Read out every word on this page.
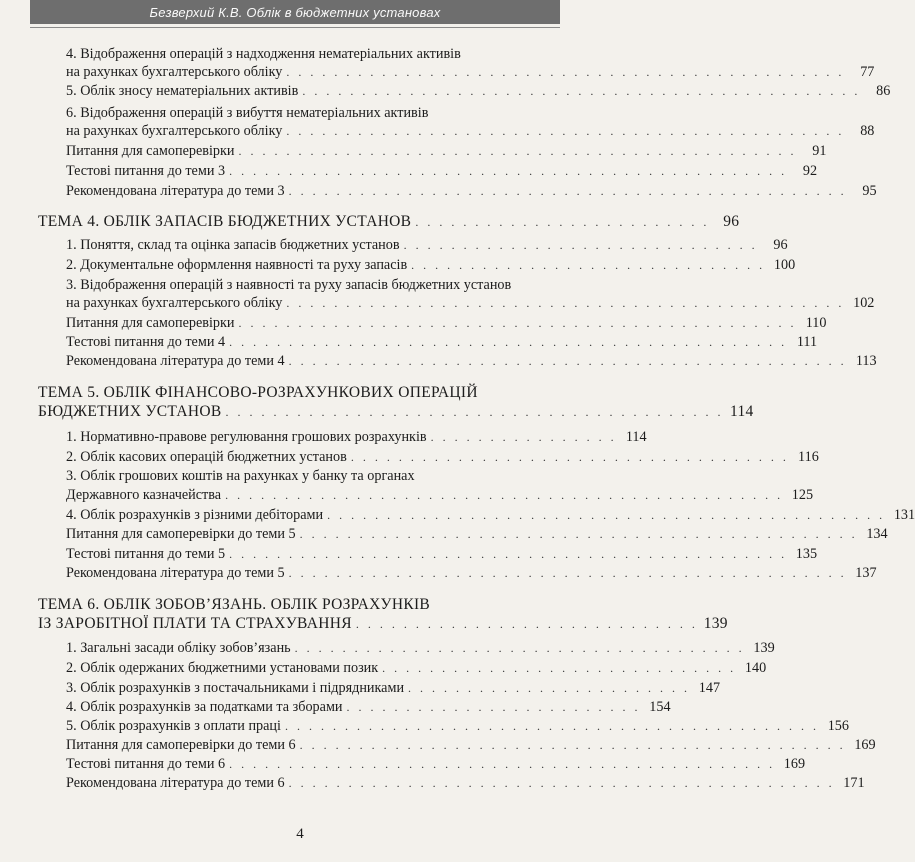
Безверхий К.В. Облік в бюджетних установах
4. Відображення операцій з надходження нематеріальних активів
на рахунках бухгалтерського обліку . . . . . . . . . . . . . . . . . . . . . . . . . . . . . . . . . . . . . . . . . . . . . . .	77
5. Облік зносу нематеріальних активів . . . . . . . . . . . . . . . . . . . . . . . . . . . . . . . . . . . . . . . . . . . . . . .	86
6. Відображення операцій з вибуття нематеріальних активів
на рахунках бухгалтерського обліку . . . . . . . . . . . . . . . . . . . . . . . . . . . . . . . . . . . . . . . . . . . . . . .	88
Питання для самоперевірки . . . . . . . . . . . . . . . . . . . . . . . . . . . . . . . . . . . . . . . . . . . . . . .	91
Тестові питання до теми 3 . . . . . . . . . . . . . . . . . . . . . . . . . . . . . . . . . . . . . . . . . . . . . . .	92
Рекомендована література до теми 3 . . . . . . . . . . . . . . . . . . . . . . . . . . . . . . . . . . . . . . . . . . . . . . .	95
ТЕМА 4. ОБЛІК ЗАПАСІВ БЮДЖЕТНИХ УСТАНОВ . . . . . . . . . . . . . . . . . . . . . . . . . 96
1. Поняття, склад та оцінка запасів бюджетних установ . . . . . . . . . . . . . . . . . . . . . . . . . . . . . .	96
2. Документальне оформлення наявності та руху запасів . . . . . . . . . . . . . . . . . . . . . . . . . . . . . . 100
3. Відображення операцій з наявності та руху запасів бюджетних установ
на рахунках бухгалтерського обліку . . . . . . . . . . . . . . . . . . . . . . . . . . . . . . . . . . . . . . . . . . . . . . . 102
Питання для самоперевірки . . . . . . . . . . . . . . . . . . . . . . . . . . . . . . . . . . . . . . . . . . . . . . . 110
Тестові питання до теми 4 . . . . . . . . . . . . . . . . . . . . . . . . . . . . . . . . . . . . . . . . . . . . . . . 111
Рекомендована література до теми 4 . . . . . . . . . . . . . . . . . . . . . . . . . . . . . . . . . . . . . . . . . . . . . . . 113
ТЕМА 5. ОБЛІК ФІНАНСОВО-РОЗРАХУНКОВИХ ОПЕРАЦІЙ
БЮДЖЕТНИХ УСТАНОВ . . . . . . . . . . . . . . . . . . . . . . . . . . . . . . . . . . . . . . . . . . 114
1. Нормативно-правове регулювання грошових розрахунків . . . . . . . . . . . . . . . . 114
2. Облік касових операцій бюджетних установ . . . . . . . . . . . . . . . . . . . . . . . . . . . . . . . . . . . . . 116
3. Облік грошових коштів на рахунках у банку та органах
Державного казначейства . . . . . . . . . . . . . . . . . . . . . . . . . . . . . . . . . . . . . . . . . . . . . . . 125
4. Облік розрахунків з різними дебіторами . . . . . . . . . . . . . . . . . . . . . . . . . . . . . . . . . . . . . . . . . . . . . . . 131
Питання для самоперевірки до теми 5 . . . . . . . . . . . . . . . . . . . . . . . . . . . . . . . . . . . . . . . . . . . . . . . 134
Тестові питання до теми 5 . . . . . . . . . . . . . . . . . . . . . . . . . . . . . . . . . . . . . . . . . . . . . . . 135
Рекомендована література до теми 5 . . . . . . . . . . . . . . . . . . . . . . . . . . . . . . . . . . . . . . . . . . . . . . . 137
ТЕМА 6. ОБЛІК ЗОБОВ’ЯЗАНЬ. ОБЛІК РОЗРАХУНКІВ
ІЗ ЗАРОБІТНОЇ ПЛАТИ ТА СТРАХУВАННЯ . . . . . . . . . . . . . . . . . . . . . . . . . . . . . 139
1. Загальні засади обліку зобов’язань . . . . . . . . . . . . . . . . . . . . . . . . . . . . . . . . . . . . . . 139
2. Облік одержаних бюджетними установами позик . . . . . . . . . . . . . . . . . . . . . . . . . . . . . . 140
3. Облік розрахунків з постачальниками і підрядниками . . . . . . . . . . . . . . . . . . . . . . . . 147
4. Облік розрахунків за податками та зборами . . . . . . . . . . . . . . . . . . . . . . . . . 154
5. Облік розрахунків з оплати праці . . . . . . . . . . . . . . . . . . . . . . . . . . . . . . . . . . . . . . . . . . . . . 156
Питання для самоперевірки до теми 6 . . . . . . . . . . . . . . . . . . . . . . . . . . . . . . . . . . . . . . . . . . . . . . 169
Тестові питання до теми 6 . . . . . . . . . . . . . . . . . . . . . . . . . . . . . . . . . . . . . . . . . . . . . . 169
Рекомендована література до теми 6 . . . . . . . . . . . . . . . . . . . . . . . . . . . . . . . . . . . . . . . . . . . . . . 171
4
